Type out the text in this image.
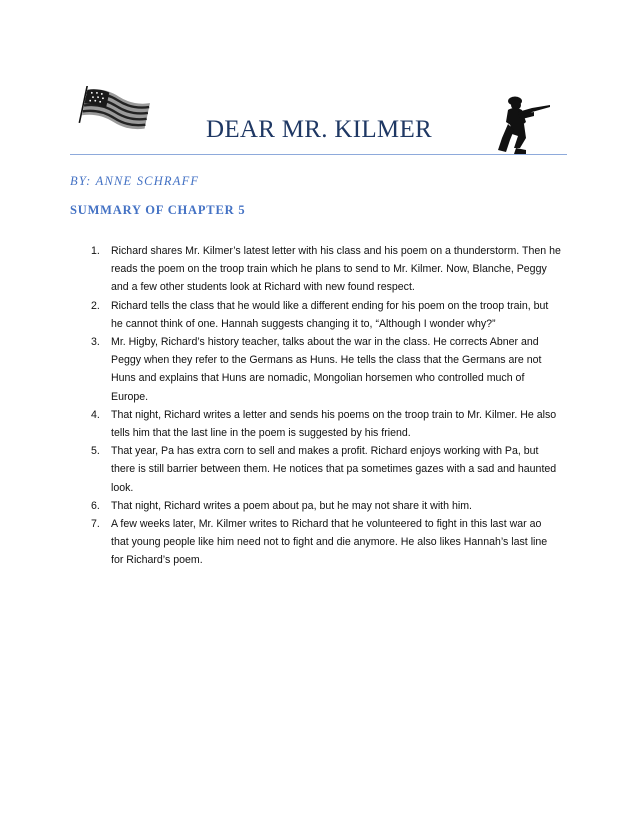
DEAR MR. KILMER
BY: ANNE SCHRAFF
SUMMARY OF CHAPTER 5
1. Richard shares Mr. Kilmer’s latest letter with his class and his poem on a thunderstorm. Then he reads the poem on the troop train which he plans to send to Mr. Kilmer. Now, Blanche, Peggy and a few other students look at Richard with new found respect.
2. Richard tells the class that he would like a different ending for his poem on the troop train, but he cannot think of one. Hannah suggests changing it to, “Although I wonder why?”
3. Mr. Higby, Richard’s history teacher, talks about the war in the class. He corrects Abner and Peggy when they refer to the Germans as Huns. He tells the class that the Germans are not Huns and explains that Huns are nomadic, Mongolian horsemen who controlled much of Europe.
4. That night, Richard writes a letter and sends his poems on the troop train to Mr. Kilmer. He also tells him that the last line in the poem is suggested by his friend.
5. That year, Pa has extra corn to sell and makes a profit. Richard enjoys working with Pa, but there is still barrier between them. He notices that pa sometimes gazes with a sad and haunted look.
6. That night, Richard writes a poem about pa, but he may not share it with him.
7. A few weeks later, Mr. Kilmer writes to Richard that he volunteered to fight in this last war ao that young people like him need not to fight and die anymore. He also likes Hannah’s last line for Richard’s poem.
